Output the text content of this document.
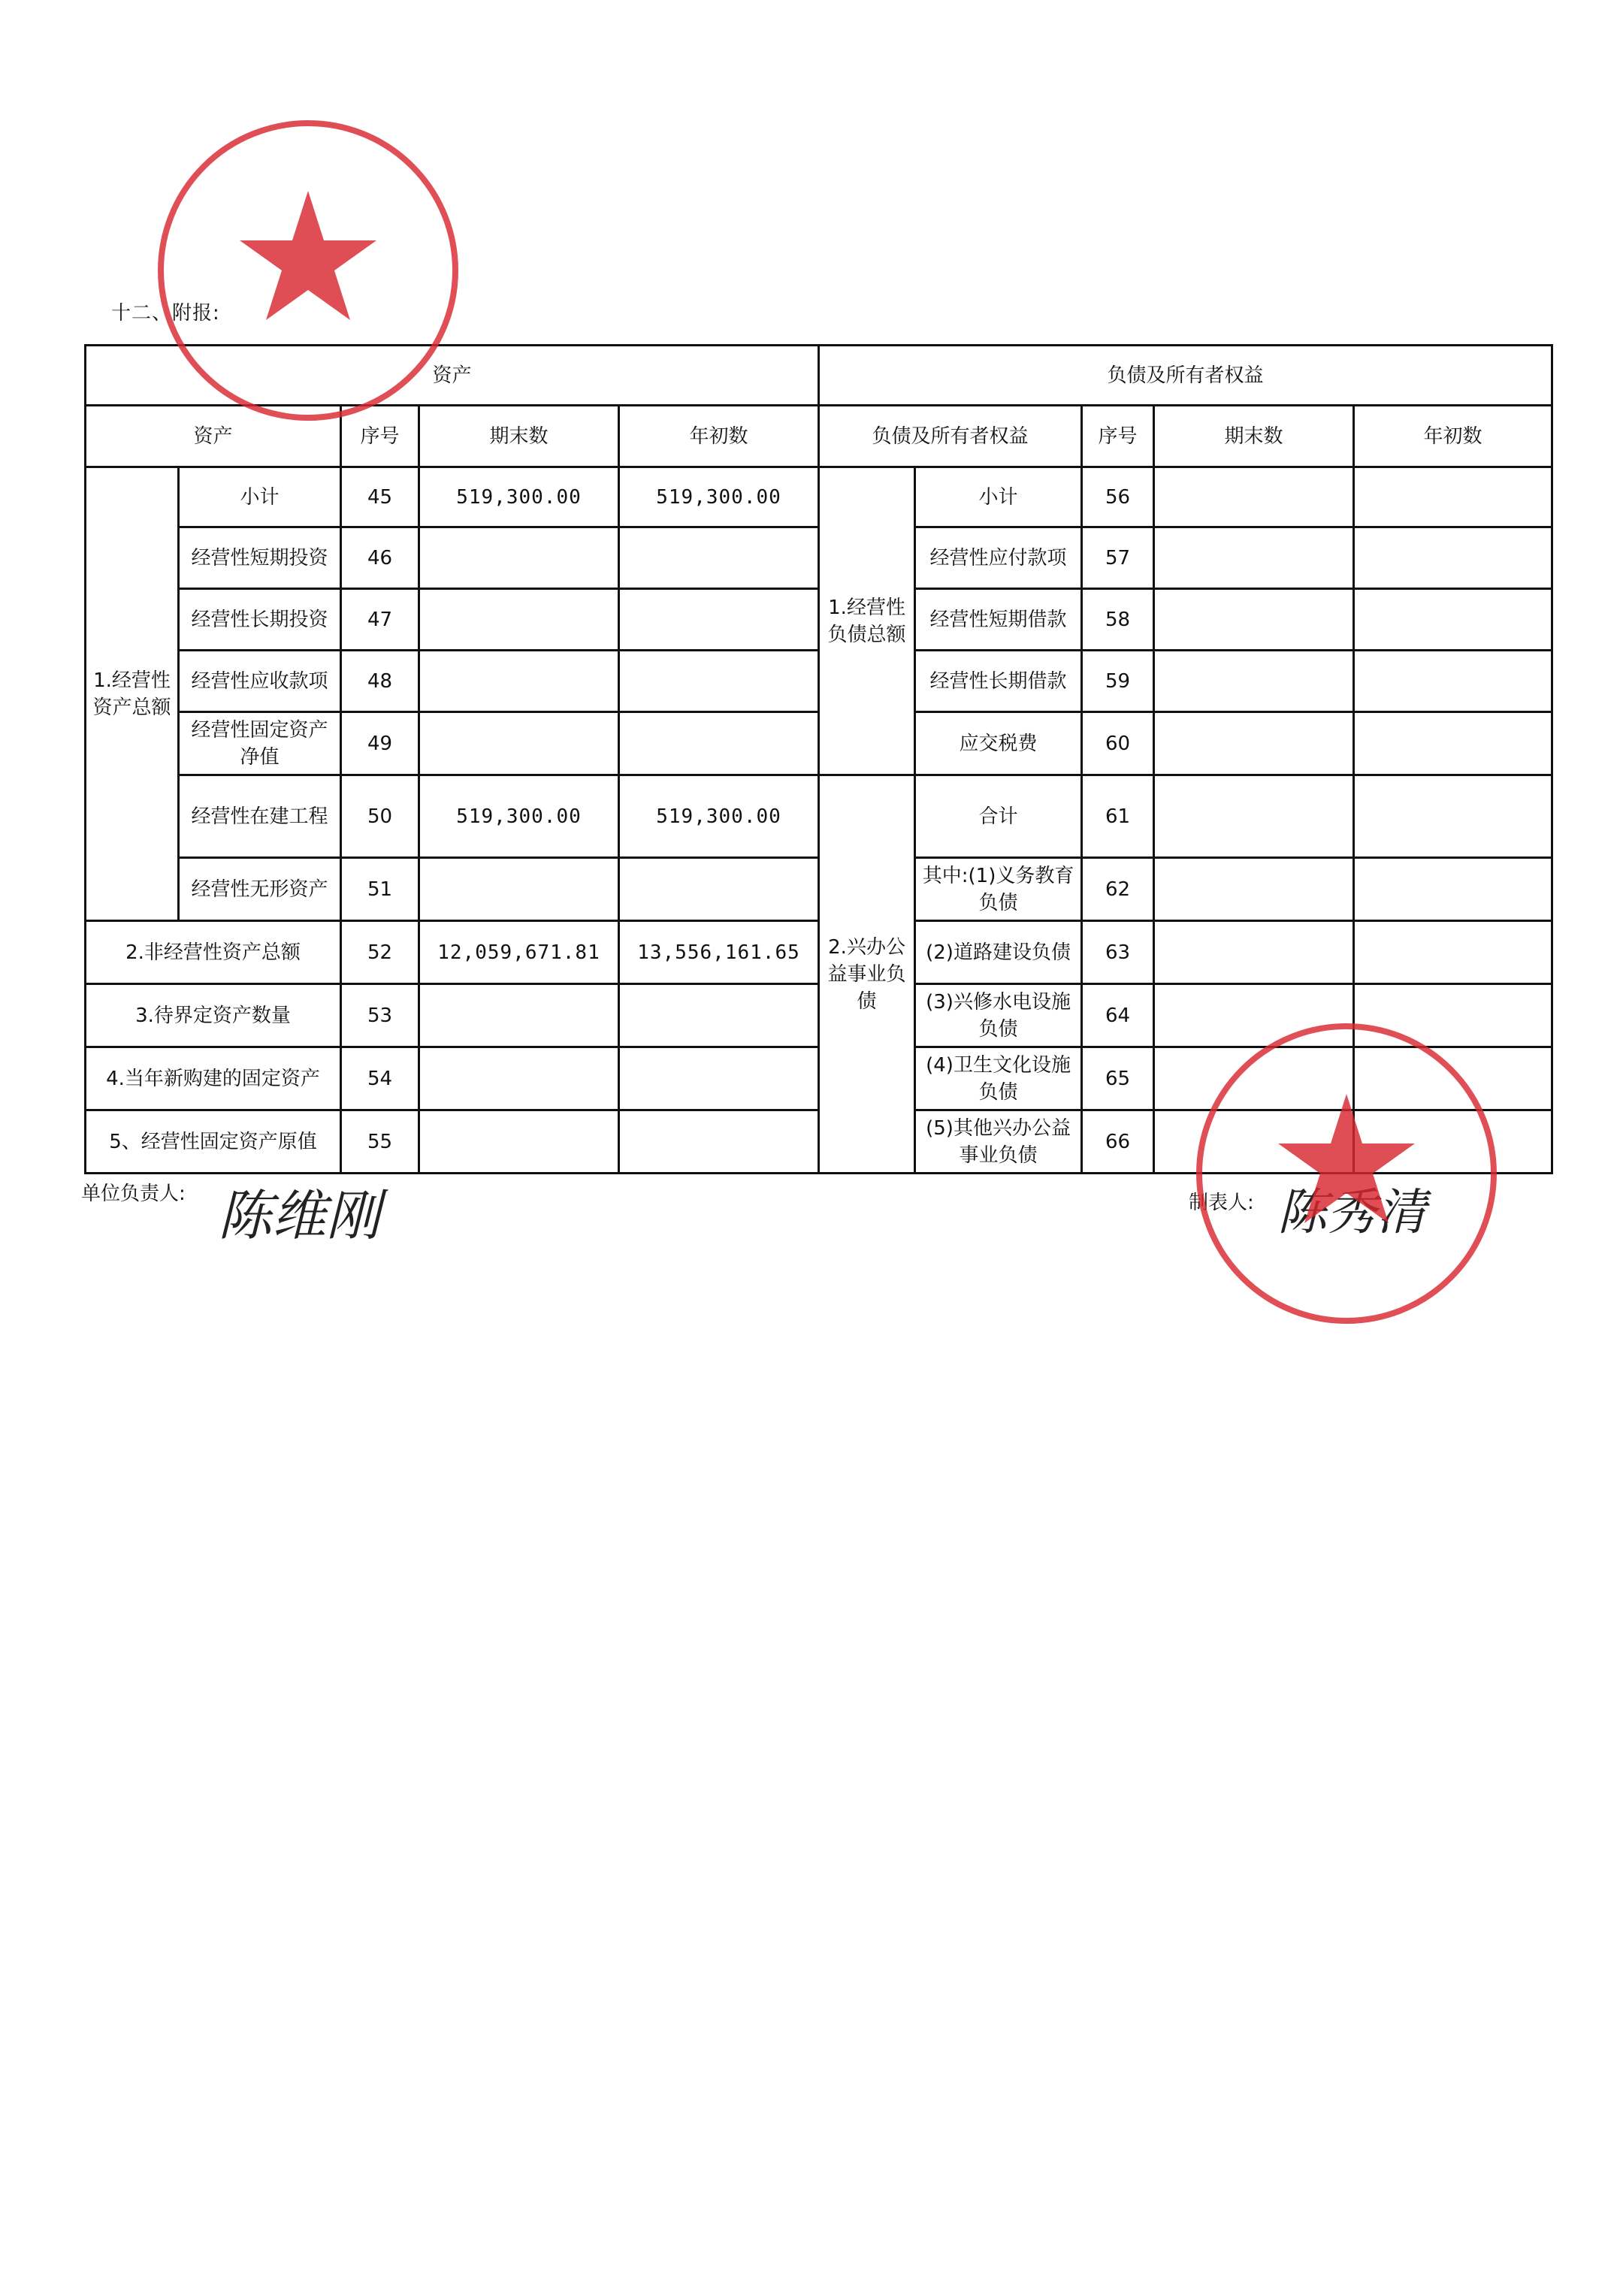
十二、附报:
资产					负债及所有者权益				
资产		序号	期末数	年初数	负债及所有者权益		序号	期末数	年初数
1.经营性资产总额	小计	45	519,300.00	519,300.00	1.经营性负债总额	小计	56		
	经营性短期投资	46				经营性应付款项	57		
	经营性长期投资	47				经营性短期借款	58		
	经营性应收款项	48				经营性长期借款	59		
	经营性固定资产净值	49				应交税费	60		
	经营性在建工程	50	519,300.00	519,300.00	2.兴办公益事业负债	合计	61		
	经营性无形资产	51				其中:(1)义务教育负债	62		
2.非经营性资产总额		52	12,059,671.81	13,556,161.65		(2)道路建设负债	63		
3.待界定资产数量		53				(3)兴修水电设施负债	64		
4.当年新购建的固定资产		54				(4)卫生文化设施负债	65		
5、经营性固定资产原值		55				(5)其他兴办公益事业负债	66		
单位负责人: 陈维刚	制表人: 陈秀清
